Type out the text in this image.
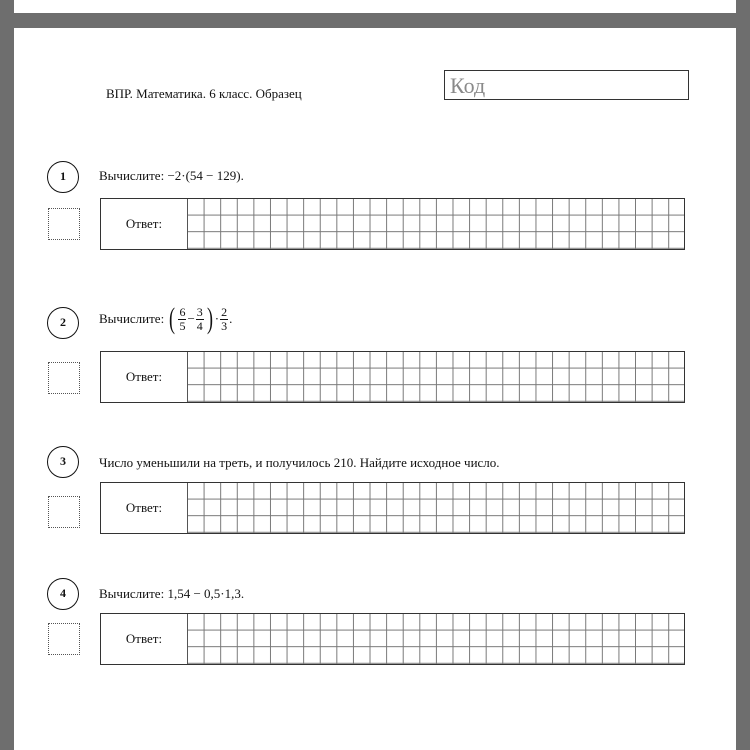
ВПР. Математика. 6 класс. Образец	Код
1	Вычислите: −2·(54 − 129).
Ответ:
2	Вычислите: ( $\frac{6}{5} - \frac{3}{4}$ ) · $\frac{2}{3}$ .
Ответ:
3	Число уменьшили на треть, и получилось 210. Найдите исходное число.
Ответ:
4	Вычислите: 1,54 − 0,5·1,3.
Ответ:
